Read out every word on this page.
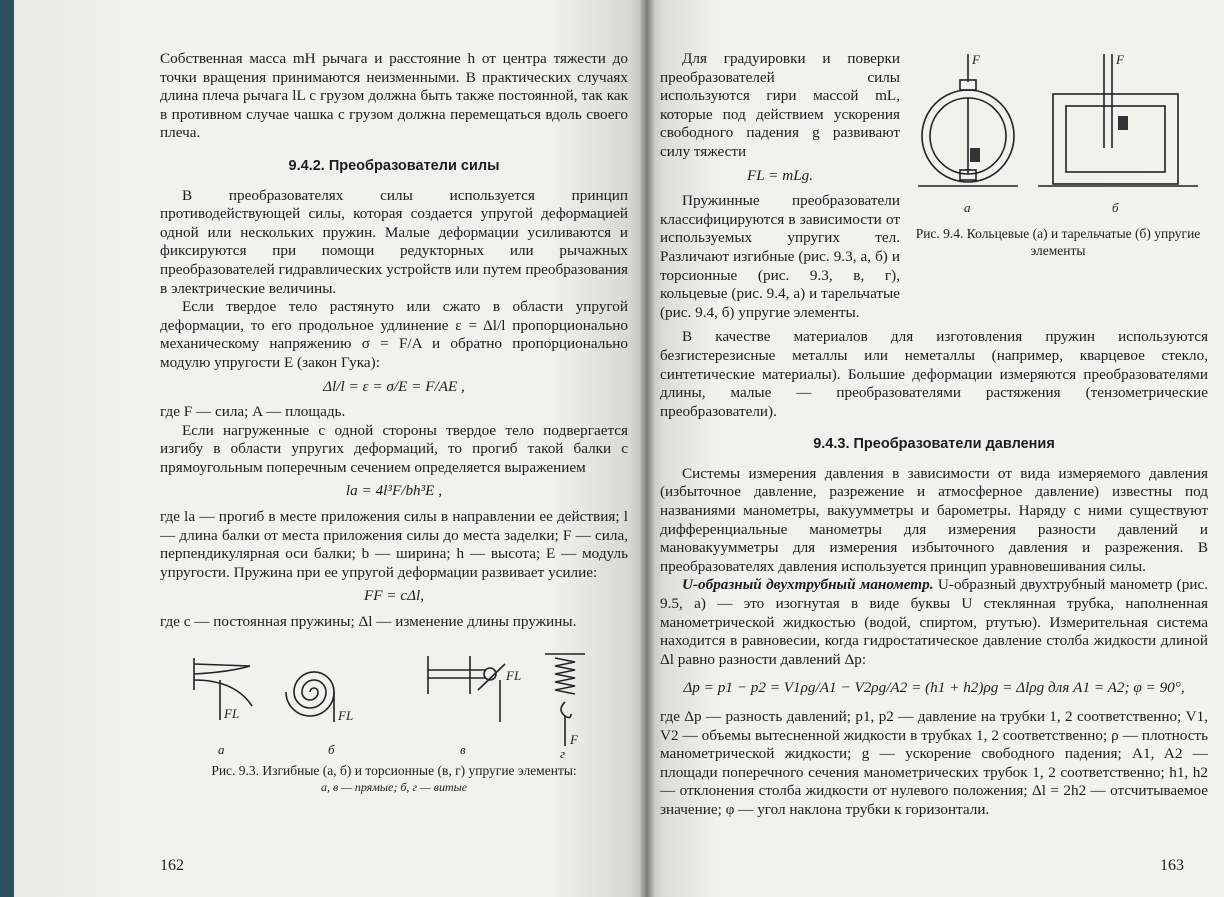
Собственная масса mH рычага и расстояние h от центра тяжести до точки вращения принимаются неизменными. В практических случаях длина плеча рычага lL с грузом должна быть также постоянной, так как в противном случае чашка с грузом должна перемещаться вдоль своего плеча.

9.4.2. Преобразователи силы

В преобразователях силы используется принцип противодействующей силы, которая создается упругой деформацией одной или нескольких пружин. Малые деформации усиливаются и фиксируются при помощи редукторных или рычажных преобразователей гидравлических устройств или путем преобразования в электрические величины.

Если твердое тело растянуто или сжато в области упругой деформации, то его продольное удлинение ε = Δl/l пропорционально механическому напряжению σ = F/A и обратно пропорционально модулю упругости E (закон Гука):

Δl/l = ε = σ/E = F/AE ,

где F — сила; A — площадь.

Если нагруженные с одной стороны твердое тело подвергается изгибу в области упругих деформаций, то прогиб такой балки с прямоугольным поперечным сечением определяется выражением

la = 4l³F/bh³E ,

где la — прогиб в месте приложения силы в направлении ее действия; l — длина балки от места приложения силы до места заделки; F — сила, перпендикулярная оси балки; b — ширина; h — высота; E — модуль упругости. Пружина при ее упругой деформации развивает усилие:

FF = cΔl,

где c — постоянная пружины; Δl — изменение длины пружины.

FL	FL
FL
F
а	б	в	г
Рис. 9.3. Изгибные (а, б) и торсионные (в, г) упругие элементы:
а, в — прямые; б, г — витые
162

Для градуировки и поверки преобразователей силы используются гири массой mL, которые под действием ускорения свободного падения g развивают силу тяжести

FL = mLg.

Пружинные преобразователи классифицируются в зависимости от используемых упругих тел. Различают изгибные (рис. 9.3, а, б) и торсионные (рис. 9.3, в, г), кольцевые (рис. 9.4, а) и тарельчатые (рис. 9.4, б) упругие элементы.

F	F
а	б
Рис. 9.4. Кольцевые (а) и тарельчатые (б) упругие элементы

В качестве материалов для изготовления пружин используются безгистерезисные металлы или неметаллы (например, кварцевое стекло, синтетические материалы). Большие деформации измеряются преобразователями длины, малые — преобразователями растяжения (тензометрические преобразователи).

9.4.3. Преобразователи давления

Системы измерения давления в зависимости от вида измеряемого давления (избыточное давление, разрежение и атмосферное давление) известны под названиями манометры, вакуумметры и барометры. Наряду с ними существуют дифференциальные манометры для измерения разности давлений и мановакуумметры для измерения избыточного давления и разрежения. В преобразователях давления используется принцип уравновешивания силы.

U-образный двухтрубный манометр. U-образный двухтрубный манометр (рис. 9.5, а) — это изогнутая в виде буквы U стеклянная трубка, наполненная манометрической жидкостью (водой, спиртом, ртутью). Измерительная система находится в равновесии, когда гидростатическое давление столба жидкости длиной Δl равно разности давлений Δp:

Δp = p1 − p2 = V1ρg/A1 − V2ρg/A2 = (h1 + h2)ρg = Δlρg для A1 = A2; φ = 90°,

где Δp — разность давлений; p1, p2 — давление на трубки 1, 2 соответственно; V1, V2 — объемы вытесненной жидкости в трубках 1, 2 соответственно; ρ — плотность манометрической жидкости; g — ускорение свободного падения; A1, A2 — площади поперечного сечения манометрических трубок 1, 2 соответственно; h1, h2 — отклонения столба жидкости от нулевого положения; Δl = 2h2 — отсчитываемое значение; φ — угол наклона трубки к горизонтали.

163
